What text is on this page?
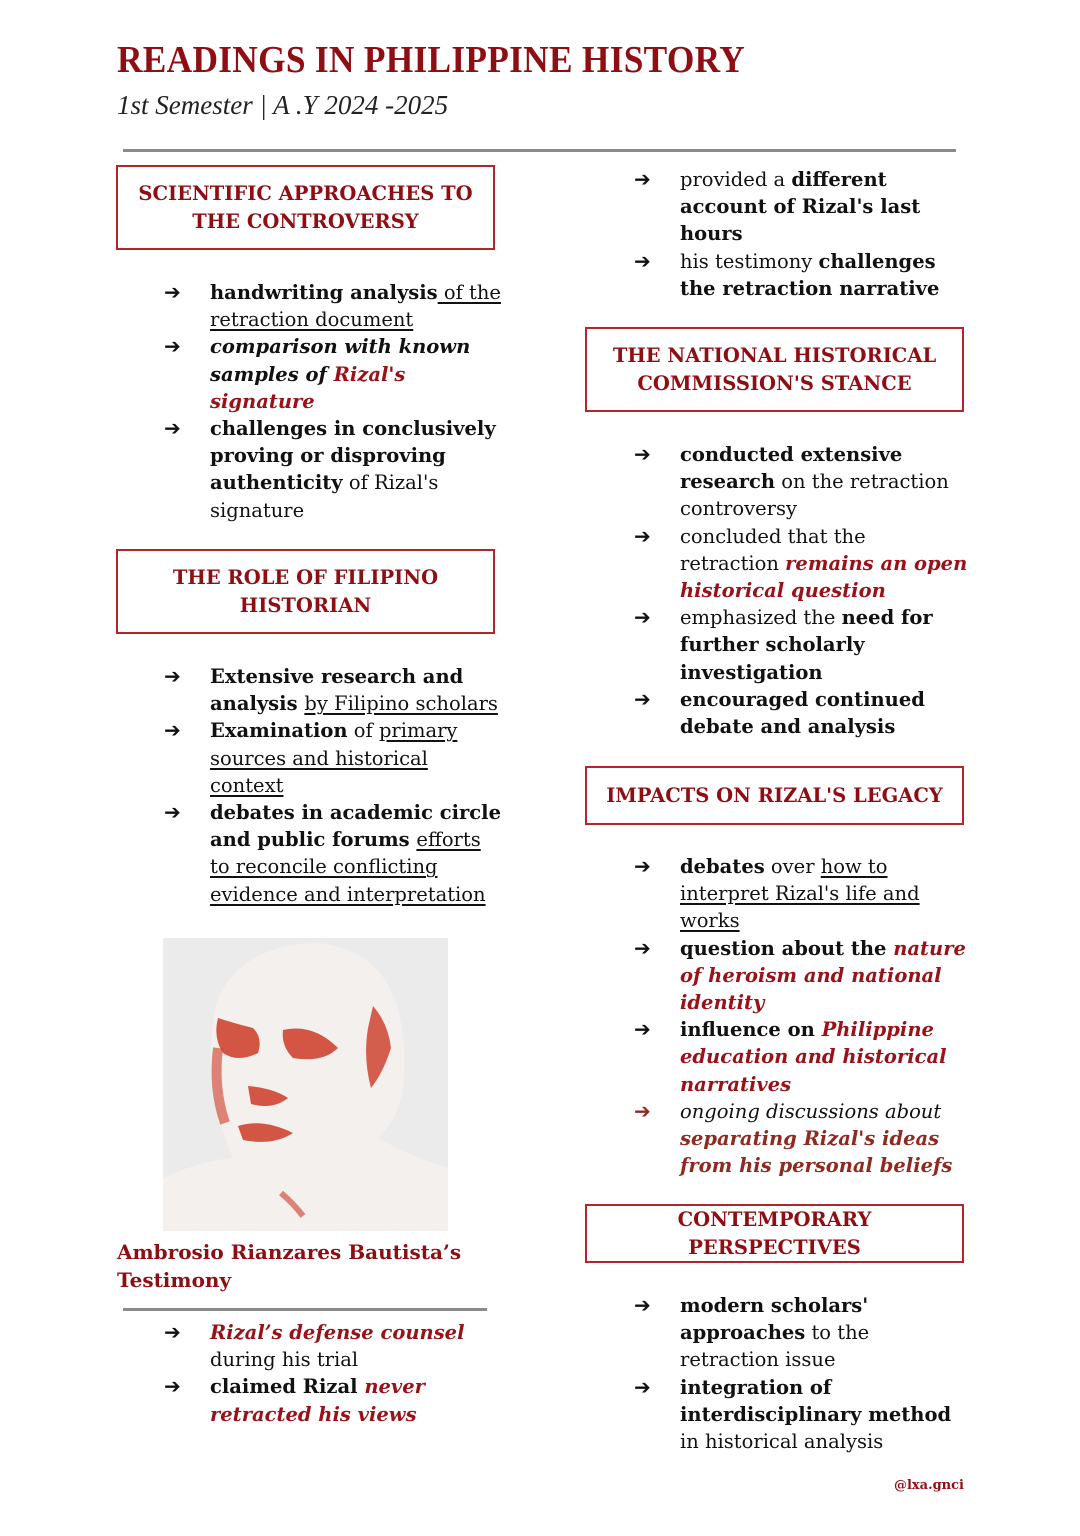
READINGS IN PHILIPPINE HISTORY
1st Semester | A .Y 2024 -2025
SCIENTIFIC APPROACHES TO THE CONTROVERSY
➔ handwriting analysis of the retraction document
➔ comparison with known samples of Rizal's signature
➔ challenges in conclusively proving or disproving authenticity of Rizal's signature
THE ROLE OF FILIPINO HISTORIAN
➔ Extensive research and analysis by Filipino scholars
➔ Examination of primary sources and historical context
➔ debates in academic circle and public forums efforts to reconcile conflicting evidence and interpretation
Ambrosio Rianzares Bautista’s Testimony
➔ Rizal’s defense counsel during his trial
➔ claimed Rizal never retracted his views
➔ provided a different account of Rizal's last hours
➔ his testimony challenges the retraction narrative
THE NATIONAL HISTORICAL COMMISSION'S STANCE
➔ conducted extensive research on the retraction controversy
➔ concluded that the retraction remains an open historical question
➔ emphasized the need for further scholarly investigation
➔ encouraged continued debate and analysis
IMPACTS ON RIZAL'S LEGACY
➔ debates over how to interpret Rizal's life and works
➔ question about the nature of heroism and national identity
➔ influence on Philippine education and historical narratives
➔ ongoing discussions about separating Rizal's ideas from his personal beliefs
CONTEMPORARY PERSPECTIVES
➔ modern scholars' approaches to the retraction issue
➔ integration of interdisciplinary method in historical analysis
@lxa.gnci
